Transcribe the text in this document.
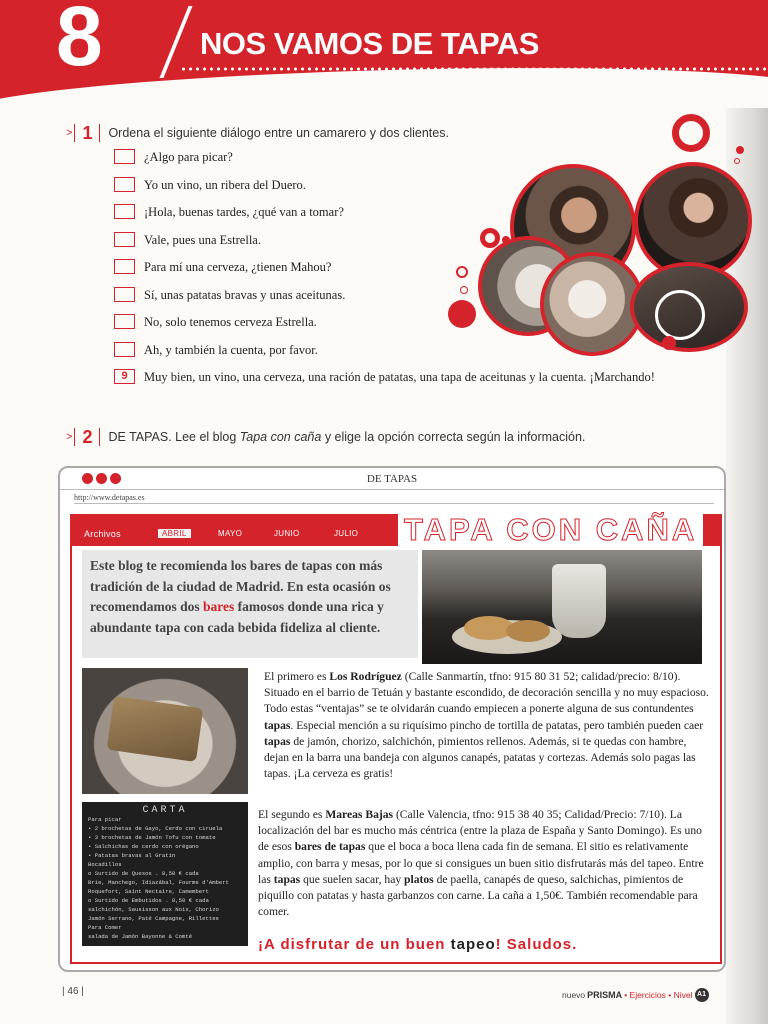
8	NOS VAMOS DE TAPAS
> 1	Ordena el siguiente diálogo entre un camarero y dos clientes.
¿Algo para picar?
Yo un vino, un ribera del Duero.
¡Hola, buenas tardes, ¿qué van a tomar?
Vale, pues una Estrella.
Para mí una cerveza, ¿tienen Mahou?
Sí, unas patatas bravas y unas aceitunas.
No, solo tenemos cerveza Estrella.
Ah, y también la cuenta, por favor.
9	Muy bien, un vino, una cerveza, una ración de patatas, una tapa de aceitunas y la cuenta. ¡Marchando!
> 2	DE TAPAS. Lee el blog Tapa con caña y elige la opción correcta según la información.
DE TAPAS
http://www.detapas.es
Archivos	ABRIL	MAYO	JUNIO	JULIO TAPA CON CAÑA
Este blog te recomienda los bares de tapas con más tradición de la ciudad de Madrid. En esta ocasión os recomendamos dos bares famosos donde una rica y abundante tapa con cada bebida fideliza al cliente.
CARTA
Para picar
• 2 brochetas de Gayo, Cerdo con ciruela
• 3 brochetas de Jamón Tofu con tomate
• Salchichas de cerdo con orégano
• Patatas bravas al Gratin
Bocadillos
o Surtido de Quesos . 8,50 € cada
Brie, Manchego, Idiazábal, Fourme d'Ambert
Roquefort, Saint Nectaire, Camembert
o Surtido de Embutidos . 8,50 € cada
salchichón, Sausisson aux Noix, Chorizo
Jamón Serrano, Paté Campagne, Rillettes
Para Comer
salada de Jamón Bayonne & Comté
El primero es Los Rodríguez (Calle Sanmartín, tfno: 915 80 31 52; calidad/precio: 8/10). Situado en el barrio de Tetuán y bastante escondido, de decoración sencilla y no muy espacioso. Todo estas “ventajas” se te olvidarán cuando empiecen a ponerte alguna de sus contundentes tapas. Especial mención a su riquísimo pincho de tortilla de patatas, pero también pueden caer tapas de jamón, chorizo, salchichón, pimientos rellenos. Además, si te quedas con hambre, dejan en la barra una bandeja con algunos canapés, patatas y cortezas. Además solo pagas las tapas. ¡La cerveza es gratis!
El segundo es Mareas Bajas (Calle Valencia, tfno: 915 38 40 35; Calidad/Precio: 7/10). La localización del bar es mucho más céntrica (entre la plaza de España y Santo Domingo). Es uno de esos bares de tapas que el boca a boca llena cada fin de semana. El sitio es relativamente amplio, con barra y mesas, por lo que si consigues un buen sitio disfrutarás más del tapeo. Entre las tapas que suelen sacar, hay platos de paella, canapés de queso, salchichas, pimientos de piquillo con patatas y hasta garbanzos con carne. La caña a 1,50€. También recomendable para comer.
¡A disfrutar de un buen tapeo! Saludos.
| 46 |	nuevo PRISMA • Ejercicios • Nivel A1
